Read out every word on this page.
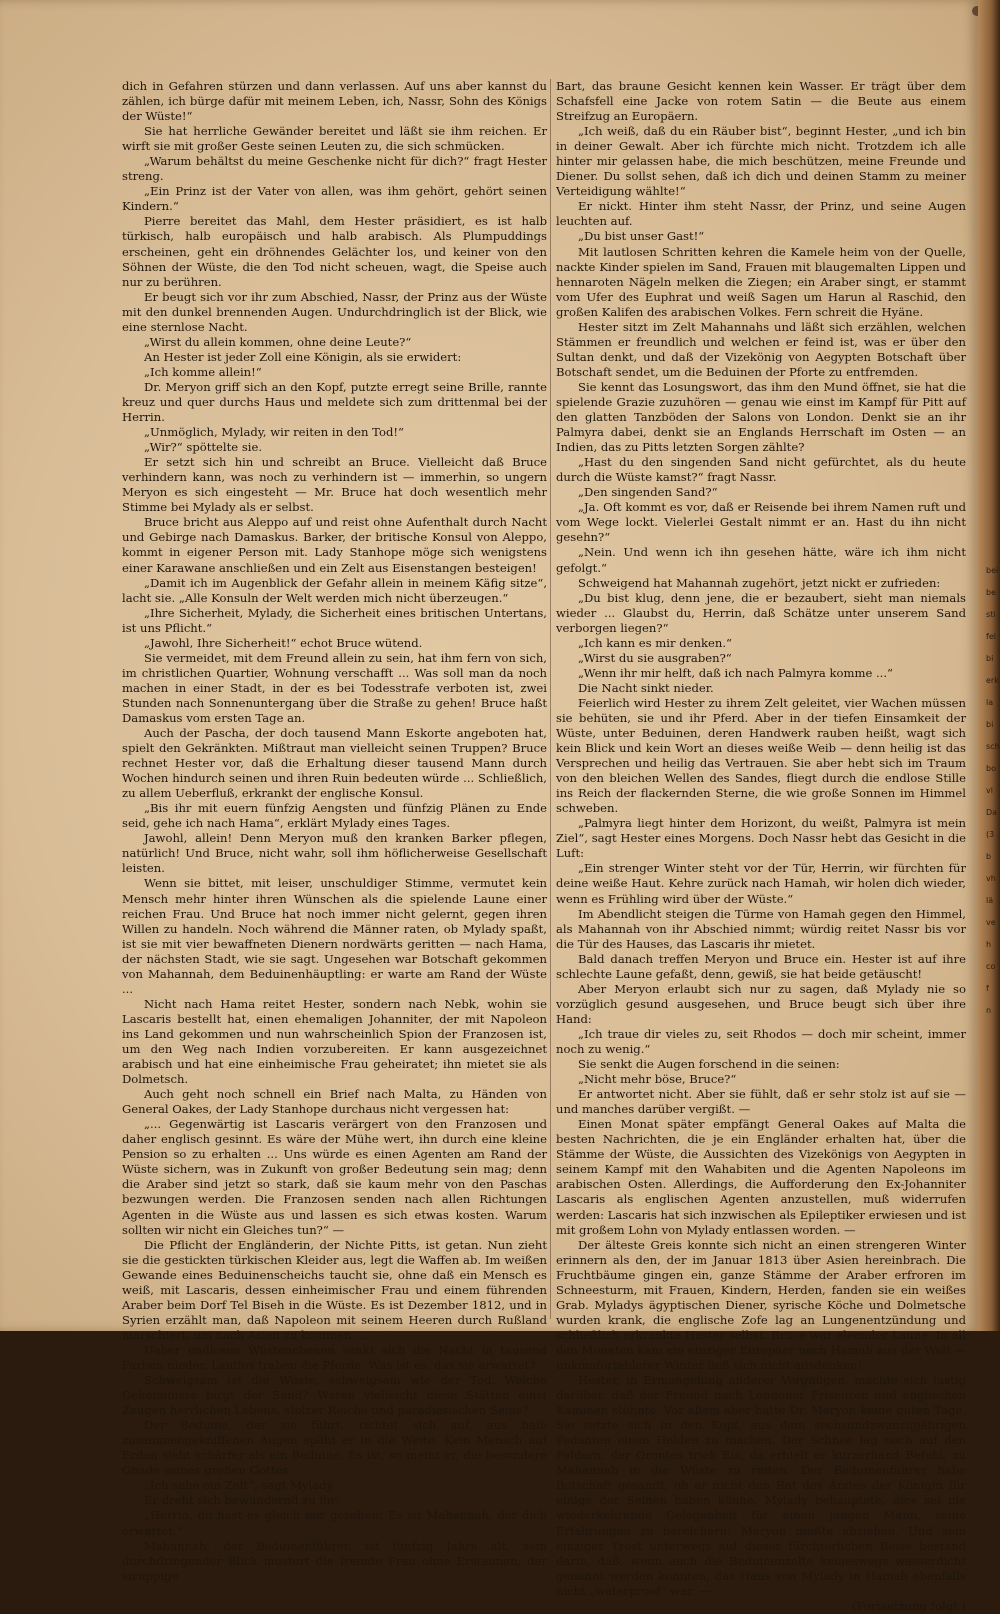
dich in Gefahren stürzen und dann verlassen. Auf uns aber kannst du zählen, ich bürge dafür mit meinem Leben, ich, Nassr, Sohn des Königs der Wüste!“

Sie hat herrliche Gewänder bereitet und läßt sie ihm reichen. Er wirft sie mit großer Geste seinen Leuten zu, die sich schmücken.

„Warum behältst du meine Geschenke nicht für dich?“ fragt Hester streng.

„Ein Prinz ist der Vater von allen, was ihm gehört, gehört seinen Kindern.“

Pierre bereitet das Mahl, dem Hester präsidiert, es ist halb türkisch, halb europäisch und halb arabisch. Als Plumpuddings erscheinen, geht ein dröhnendes Gelächter los, und keiner von den Söhnen der Wüste, die den Tod nicht scheuen, wagt, die Speise auch nur zu berühren.

Er beugt sich vor ihr zum Abschied, Nassr, der Prinz aus der Wüste mit den dunkel brennenden Augen. Undurchdringlich ist der Blick, wie eine sternlose Nacht.

„Wirst du allein kommen, ohne deine Leute?“

An Hester ist jeder Zoll eine Königin, als sie erwidert:

„Ich komme allein!“

Dr. Meryon griff sich an den Kopf, putzte erregt seine Brille, rannte kreuz und quer durchs Haus und meldete sich zum drittenmal bei der Herrin.

„Unmöglich, Mylady, wir reiten in den Tod!“

„Wir?“ spöttelte sie.

Er setzt sich hin und schreibt an Bruce. Vielleicht daß Bruce verhindern kann, was noch zu verhindern ist — immerhin, so ungern Meryon es sich eingesteht — Mr. Bruce hat doch wesentlich mehr Stimme bei Mylady als er selbst.

Bruce bricht aus Aleppo auf und reist ohne Aufenthalt durch Nacht und Gebirge nach Damaskus. Barker, der britische Konsul von Aleppo, kommt in eigener Person mit. Lady Stanhope möge sich wenigstens einer Karawane anschließen und ein Zelt aus Eisenstangen besteigen!

„Damit ich im Augenblick der Gefahr allein in meinem Käfig sitze“, lacht sie. „Alle Konsuln der Welt werden mich nicht überzeugen.“

„Ihre Sicherheit, Mylady, die Sicherheit eines britischen Untertans, ist uns Pflicht.“

„Jawohl, Ihre Sicherheit!“ echot Bruce wütend.

Sie vermeidet, mit dem Freund allein zu sein, hat ihm fern von sich, im christlichen Quartier, Wohnung verschafft ... Was soll man da noch machen in einer Stadt, in der es bei Todesstrafe verboten ist, zwei Stunden nach Sonnenuntergang über die Straße zu gehen! Bruce haßt Damaskus vom ersten Tage an.

Auch der Pascha, der doch tausend Mann Eskorte angeboten hat, spielt den Gekränkten. Mißtraut man vielleicht seinen Truppen? Bruce rechnet Hester vor, daß die Erhaltung dieser tausend Mann durch Wochen hindurch seinen und ihren Ruin bedeuten würde ... Schließlich, zu allem Ueberfluß, erkrankt der englische Konsul.

„Bis ihr mit euern fünfzig Aengsten und fünfzig Plänen zu Ende seid, gehe ich nach Hama“, erklärt Mylady eines Tages.

Jawohl, allein! Denn Meryon muß den kranken Barker pflegen, natürlich! Und Bruce, nicht wahr, soll ihm höflicherweise Gesellschaft leisten.

Wenn sie bittet, mit leiser, unschuldiger Stimme, vermutet kein Mensch mehr hinter ihren Wünschen als die spielende Laune einer reichen Frau. Und Bruce hat noch immer nicht gelernt, gegen ihren Willen zu handeln. Noch während die Männer raten, ob Mylady spaßt, ist sie mit vier bewaffneten Dienern nordwärts geritten — nach Hama, der nächsten Stadt, wie sie sagt. Ungesehen war Botschaft gekommen von Mahannah, dem Beduinenhäuptling: er warte am Rand der Wüste ...

Nicht nach Hama reitet Hester, sondern nach Nebk, wohin sie Lascaris bestellt hat, einen ehemaligen Johanniter, der mit Napoleon ins Land gekommen und nun wahrscheinlich Spion der Franzosen ist, um den Weg nach Indien vorzubereiten. Er kann ausgezeichnet arabisch und hat eine einheimische Frau geheiratet; ihn mietet sie als Dolmetsch.

Auch geht noch schnell ein Brief nach Malta, zu Händen von General Oakes, der Lady Stanhope durchaus nicht vergessen hat:

„... Gegenwärtig ist Lascaris verärgert von den Franzosen und daher englisch gesinnt. Es wäre der Mühe wert, ihn durch eine kleine Pension so zu erhalten ... Uns würde es einen Agenten am Rand der Wüste sichern, was in Zukunft von großer Bedeutung sein mag; denn die Araber sind jetzt so stark, daß sie kaum mehr von den Paschas bezwungen werden. Die Franzosen senden nach allen Richtungen Agenten in die Wüste aus und lassen es sich etwas kosten. Warum sollten wir nicht ein Gleiches tun?“ —

Die Pflicht der Engländerin, der Nichte Pitts, ist getan. Nun zieht sie die gestickten türkischen Kleider aus, legt die Waffen ab. Im weißen Gewande eines Beduinenscheichs taucht sie, ohne daß ein Mensch es weiß, mit Lascaris, dessen einheimischer Frau und einem führenden Araber beim Dorf Tel Biseh in die Wüste. Es ist Dezember 1812, und in Syrien erzählt man, daß Napoleon mit seinem Heeren durch Rußland marschiert, um nach Asien zu kommen ...

Ueber endlosen Wüstenebenen senkt sich die Nacht in tausend Farben nieder. Lautlos traben die Pferde. Was ist es, das sie erwartet?

Schweigsam ist die Wüste, schweigsam wie der Tod. Welche Geheimnisse birgt der Sand? Waren vielleicht diese Stätten einst Zeugen herrlichen Lebens, stolzer Reiche und paradiesischen Seins?

Der Beduine, der sie führt, richtet sich auf, aus halb zusammengekniffenen Augen späht er in die Weite. Kein Mensch auf Erden sieht schärfer als ein Beduine. Es ist, so meint er, die besondere Gnade seines großen Gottes.

„Ich sehe ein Zelt“, sagt Mylady.

Er dreht sich bewundernd zu ihr:

„Herrin, du hast es gleich mir gesehen! Es ist Mahannah, der dich erwartet.“

Mahannah, der Beduinenführer, ist fünfzig Jahre alt, sein durchdringender Blick mustert die fremde Frau ohne Erstaunen, der struppige

Bart, das braune Gesicht kennen kein Wasser. Er trägt über dem Schafsfell eine Jacke von rotem Satin — die Beute aus einem Streifzug an Europäern.

„Ich weiß, daß du ein Räuber bist“, beginnt Hester, „und ich bin in deiner Gewalt. Aber ich fürchte mich nicht. Trotzdem ich alle hinter mir gelassen habe, die mich beschützen, meine Freunde und Diener. Du sollst sehen, daß ich dich und deinen Stamm zu meiner Verteidigung wählte!“

Er nickt. Hinter ihm steht Nassr, der Prinz, und seine Augen leuchten auf.

„Du bist unser Gast!“

Mit lautlosen Schritten kehren die Kamele heim von der Quelle, nackte Kinder spielen im Sand, Frauen mit blaugemalten Lippen und hennaroten Nägeln melken die Ziegen; ein Araber singt, er stammt vom Ufer des Euphrat und weiß Sagen um Harun al Raschid, den großen Kalifen des arabischen Volkes. Fern schreit die Hyäne.

Hester sitzt im Zelt Mahannahs und läßt sich erzählen, welchen Stämmen er freundlich und welchen er feind ist, was er über den Sultan denkt, und daß der Vizekönig von Aegypten Botschaft über Botschaft sendet, um die Beduinen der Pforte zu entfremden.

Sie kennt das Losungswort, das ihm den Mund öffnet, sie hat die spielende Grazie zuzuhören — genau wie einst im Kampf für Pitt auf den glatten Tanzböden der Salons von London. Denkt sie an ihr Palmyra dabei, denkt sie an Englands Herrschaft im Osten — an Indien, das zu Pitts letzten Sorgen zählte?

„Hast du den singenden Sand nicht gefürchtet, als du heute durch die Wüste kamst?“ fragt Nassr.

„Den singenden Sand?“

„Ja. Oft kommt es vor, daß er Reisende bei ihrem Namen ruft und vom Wege lockt. Vielerlei Gestalt nimmt er an. Hast du ihn nicht gesehn?“

„Nein. Und wenn ich ihn gesehen hätte, wäre ich ihm nicht gefolgt.“

Schweigend hat Mahannah zugehört, jetzt nickt er zufrieden:

„Du bist klug, denn jene, die er bezaubert, sieht man niemals wieder ... Glaubst du, Herrin, daß Schätze unter unserem Sand verborgen liegen?“

„Ich kann es mir denken.“

„Wirst du sie ausgraben?“

„Wenn ihr mir helft, daß ich nach Palmyra komme ...“

Die Nacht sinkt nieder.

Feierlich wird Hester zu ihrem Zelt geleitet, vier Wachen müssen sie behüten, sie und ihr Pferd. Aber in der tiefen Einsamkeit der Wüste, unter Beduinen, deren Handwerk rauben heißt, wagt sich kein Blick und kein Wort an dieses weiße Weib — denn heilig ist das Versprechen und heilig das Vertrauen. Sie aber hebt sich im Traum von den bleichen Wellen des Sandes, fliegt durch die endlose Stille ins Reich der flackernden Sterne, die wie große Sonnen im Himmel schweben.

„Palmyra liegt hinter dem Horizont, du weißt, Palmyra ist mein Ziel“, sagt Hester eines Morgens. Doch Nassr hebt das Gesicht in die Luft:

„Ein strenger Winter steht vor der Tür, Herrin, wir fürchten für deine weiße Haut. Kehre zurück nach Hamah, wir holen dich wieder, wenn es Frühling wird über der Wüste.“

Im Abendlicht steigen die Türme von Hamah gegen den Himmel, als Mahannah von ihr Abschied nimmt; würdig reitet Nassr bis vor die Tür des Hauses, das Lascaris ihr mietet.

Bald danach treffen Meryon und Bruce ein. Hester ist auf ihre schlechte Laune gefaßt, denn, gewiß, sie hat beide getäuscht!

Aber Meryon erlaubt sich nur zu sagen, daß Mylady nie so vorzüglich gesund ausgesehen, und Bruce beugt sich über ihre Hand:

„Ich traue dir vieles zu, seit Rhodos — doch mir scheint, immer noch zu wenig.“

Sie senkt die Augen forschend in die seinen:

„Nicht mehr böse, Bruce?“

Er antwortet nicht. Aber sie fühlt, daß er sehr stolz ist auf sie — und manches darüber vergißt. —

Einen Monat später empfängt General Oakes auf Malta die besten Nachrichten, die je ein Engländer erhalten hat, über die Stämme der Wüste, die Aussichten des Vizekönigs von Aegypten in seinem Kampf mit den Wahabiten und die Agenten Napoleons im arabischen Osten. Allerdings, die Aufforderung den Ex-Johanniter Lascaris als englischen Agenten anzustellen, muß widerrufen werden: Lascaris hat sich inzwischen als Epileptiker erwiesen und ist mit großem Lohn von Mylady entlassen worden. —

Der älteste Greis konnte sich nicht an einen strengeren Winter erinnern als den, der im Januar 1813 über Asien hereinbrach. Die Fruchtbäume gingen ein, ganze Stämme der Araber erfroren im Schneesturm, mit Frauen, Kindern, Herden, fanden sie ein weißes Grab. Myladys ägyptischen Diener, syrische Köche und Dolmetsche wurden krank, die englische Zofe lag an Lungenentzündung und schließlich erkrankte Hester selbst. Bruce war eleender Laune. In all den Monaten kam ein einziger Europäer nach Hamah aus der Welt — unkomfortablerer Winter ließ sich nicht ausdenken!

Hester, in Ermangelung anderer Vergnügen, machte sich lustig darüber, daß der Freund nach Londoner Friseuren und englischen Kaminen stöhnte. Vor allem aber hatte Dr. Meryon keine guten Tage. Sie setzte sich in den Kopf, aus dem sechsundzwanzigjährigen Pedanten einen Helden zu machen. Der Schnee lag noch auf den Feldern, der Orontes trieb Eis, da erhielt er kurzerhand Befehl, zu Mahannah in die Wüste zu reiten. Der Beduinenführer habe Botschaft gesandt, ob er nicht den Rat des Arztes der Königin für einige der Seinen haben könne. Mylady behauptete, dies sei nie wiederkehrende Gelegenheit für einen jungen Mann, seine Erfahrungen zu bereichern! Meryon mußte abziehen. Und sein einziger Trost unterwegs auf dieser fürchterlichen Reise bestand darin, daß, wenn auch die Beduinenzelte keineswegs wasserdicht genannt werden konnten, das Haus von Mylady in Hamah ebenfalls nicht „waterproof“ war. —

(Fortsetzung folgt.)

bei
be
sti
fel
bi
erk
la
bi
sch
bo
vl
Da
(3
b
vh
lä
ve
h
co
f
n
